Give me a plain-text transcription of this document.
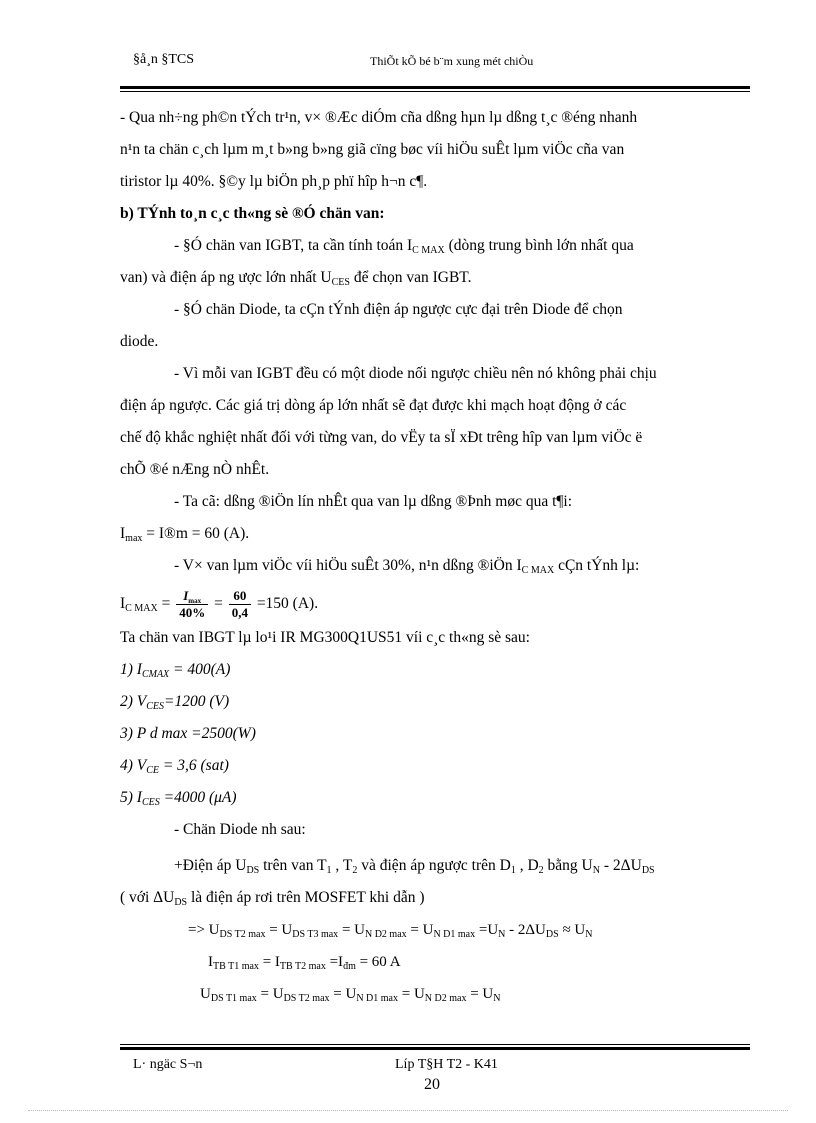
§å¸n §TCS	ThiÕt kÕ bé b¨m xung mét chiÒu
- Qua nh÷ng ph©n tÝch tr¹n, v× ®Æc diÓm cña dßng hµn lµ dßng t¸c ®éng nhanh
n¹n ta chän c¸ch lµm m¸t b»ng b»ng giã cïng bøc víi hiÖu suÊt lµm viÖc cña van
tiristor lµ 40%. §©y lµ biÖn ph¸p phï hîp h¬n c¶.
b) TÝnh to¸n c¸c th«ng sè ®Ó chän van:
- §Ó chän van IGBT, ta cần tính toán $I_{C MAX}$ (dòng trung bình lớn nhất qua
van) và điện áp ng ược lớn nhất $U_{CES}$ để chọn van IGBT.
- §Ó chän Diode, ta cÇn tÝnh điện áp ngược cực đại trên Diode để chọn
diode.
- Vì mỗi van IGBT đều có một diode nối ngược chiều nên nó không phải chịu
điện áp ngược. Các giá trị dòng áp lớn nhất sẽ đạt được khi mạch hoạt động ở các
chế độ khắc nghiệt nhất đối với từng van, do vËy ta sÏ xÐt trêng hîp van lµm viÖc ë
chÕ ®é nÆng nÒ nhÊt.
- Ta cã: dßng ®iÖn lín nhÊt qua van lµ dßng ®Þnh møc qua t¶i:
$I_{max}$ = I®m = 60 (A).
- V× van lµm viÖc víi hiÖu suÊt 30%, n¹n dßng ®iÖn $I_{C MAX}$ cÇn tÝnh lµ:
$I_{C MAX} = \frac{I_{max}}{40\%} = \frac{60}{0,4} =150$ (A).
Ta chän van IBGT lµ lo¹i IR MG300Q1US51 víi c¸c th«ng sè sau:
1) $I_{CMAX} = 400(A)$
2) $V_{CES}=1200$ (V)
3) P d max =2500(W)
4) $V_{CE} = 3,6$ (sat)
5) $I_{CES} =4000$ (μA)
- Chän Diode nh sau:
+Điện áp $U_{DS}$ trên van $T_1$ , $T_2$ và điện áp ngược trên $D_1$ , $D_2$ bằng $U_N - 2\Delta U_{DS}$
( với $\Delta U_{DS}$ là điện áp rơi trên MOSFET khi dẫn )
=> $U_{DS T2 max} = U_{DS T3 max} = U_{N D2 max} = U_{N D1 max} =U_N - 2\Delta U_{DS} \approx U_N$
$I_{TB T1 max} = I_{TB T2 max} =I_{đm} = 60$ A
$U_{DS T1 max} = U_{DS T2 max} = U_{N D1 max} = U_{N D2 max} = U_N$
L· ngäc S¬n	Líp T§H T2 - K41
20
